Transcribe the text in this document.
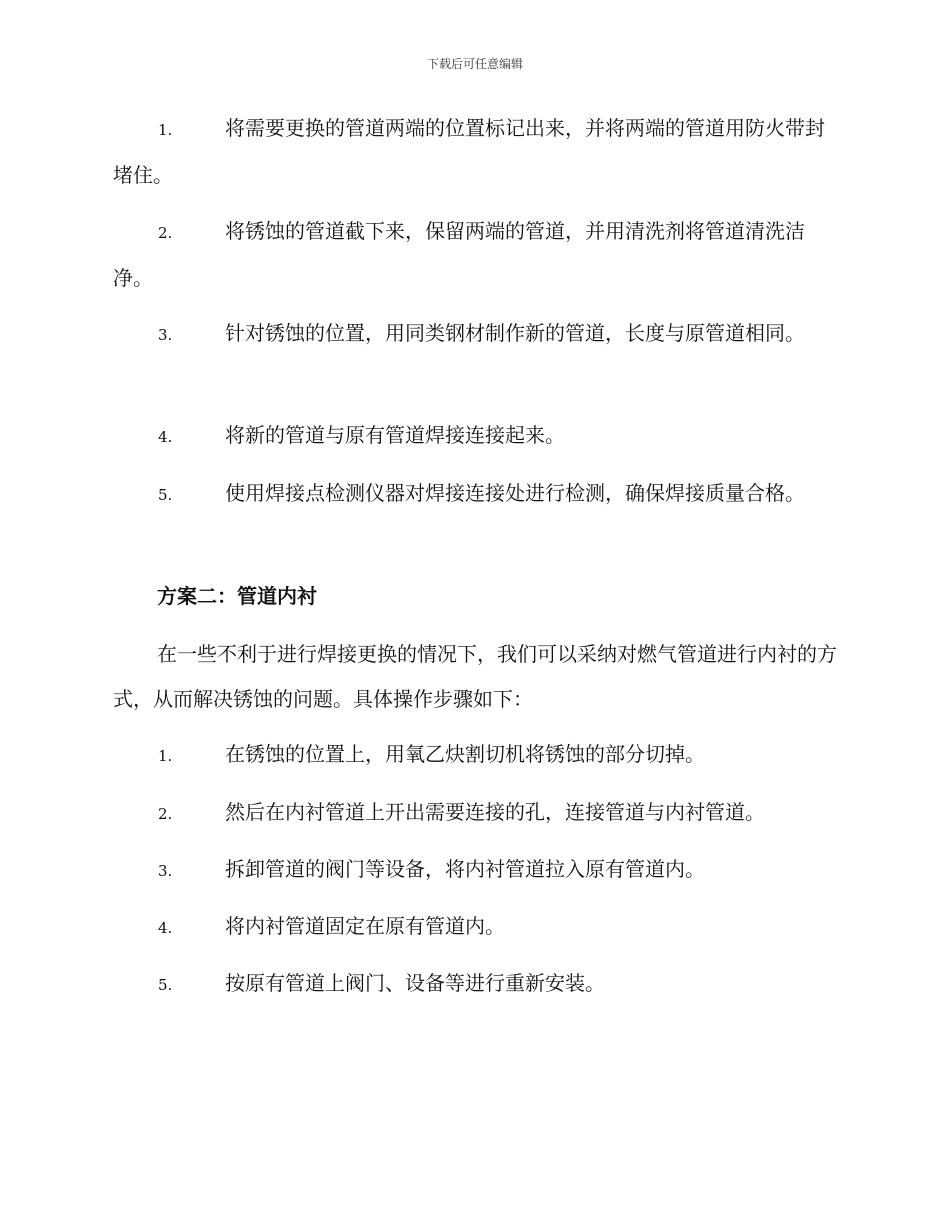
下载后可任意编辑
1.	将需要更换的管道两端的位置标记出来，并将两端的管道用防火带封堵住。
2.	将锈蚀的管道截下来，保留两端的管道，并用清洗剂将管道清洗洁净。
3.	针对锈蚀的位置，用同类钢材制作新的管道，长度与原管道相同。
4.	将新的管道与原有管道焊接连接起来。
5.	使用焊接点检测仪器对焊接连接处进行检测，确保焊接质量合格。
方案二：管道内衬
在一些不利于进行焊接更换的情况下，我们可以采纳对燃气管道进行内衬的方式，从而解决锈蚀的问题。具体操作步骤如下：
1.	在锈蚀的位置上，用氧乙炔割切机将锈蚀的部分切掉。
2.	然后在内衬管道上开出需要连接的孔，连接管道与内衬管道。
3.	拆卸管道的阀门等设备，将内衬管道拉入原有管道内。
4.	将内衬管道固定在原有管道内。
5.	按原有管道上阀门、设备等进行重新安装。
